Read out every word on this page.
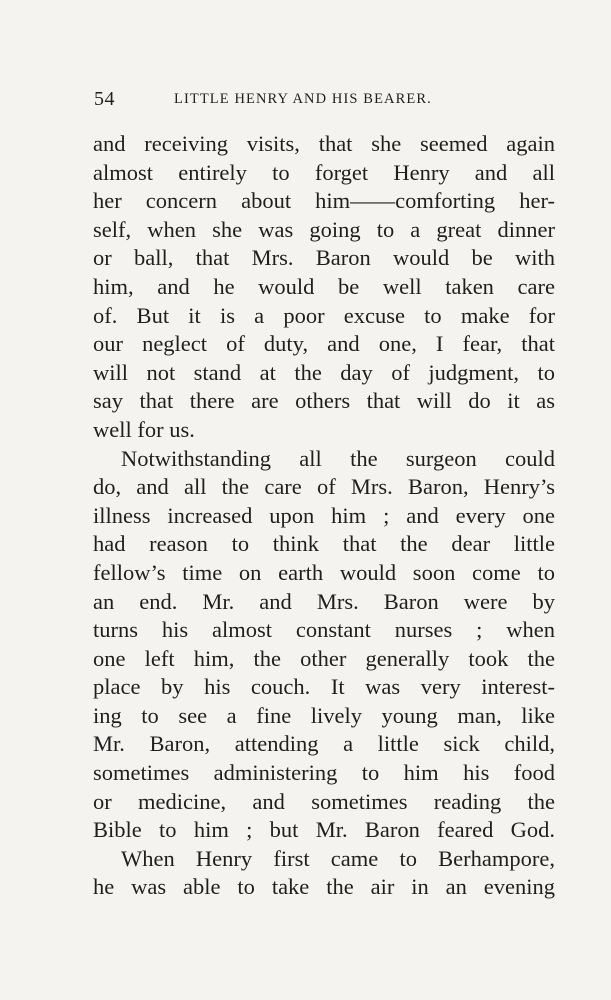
54	LITTLE HENRY AND HIS BEARER.
and receiving visits, that she seemed again
almost entirely to forget Henry and all
her concern about him——comforting her-
self, when she was going to a great dinner
or ball, that Mrs. Baron would be with
him, and he would be well taken care
of. But it is a poor excuse to make for
our neglect of duty, and one, I fear, that
will not stand at the day of judgment, to
say that there are others that will do it as
well for us.
Notwithstanding all the surgeon could
do, and all the care of Mrs. Baron, Henry’s
illness increased upon him ; and every one
had reason to think that the dear little
fellow’s time on earth would soon come to
an end. Mr. and Mrs. Baron were by
turns his almost constant nurses ; when
one left him, the other generally took the
place by his couch. It was very interest-
ing to see a fine lively young man, like
Mr. Baron, attending a little sick child,
sometimes administering to him his food
or medicine, and sometimes reading the
Bible to him ; but Mr. Baron feared God.
When Henry first came to Berhampore,
he was able to take the air in an evening
